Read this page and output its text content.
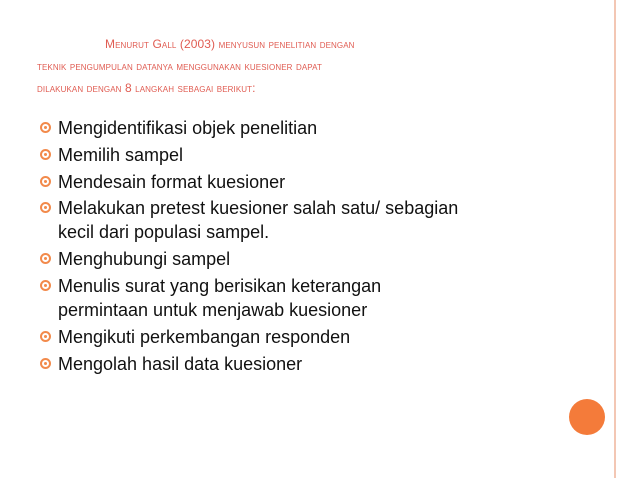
Menurut Gall (2003) menyusun penelitian dengan
teknik pengumpulan datanya menggunakan kuesioner dapat
dilakukan dengan 8 langkah sebagai berikut:
Mengidentifikasi objek penelitian
Memilih sampel
Mendesain format kuesioner
Melakukan pretest kuesioner salah satu/ sebagian
kecil dari populasi sampel.
Menghubungi sampel
Menulis surat yang berisikan keterangan
permintaan untuk menjawab kuesioner
Mengikuti perkembangan responden
Mengolah hasil data kuesioner
